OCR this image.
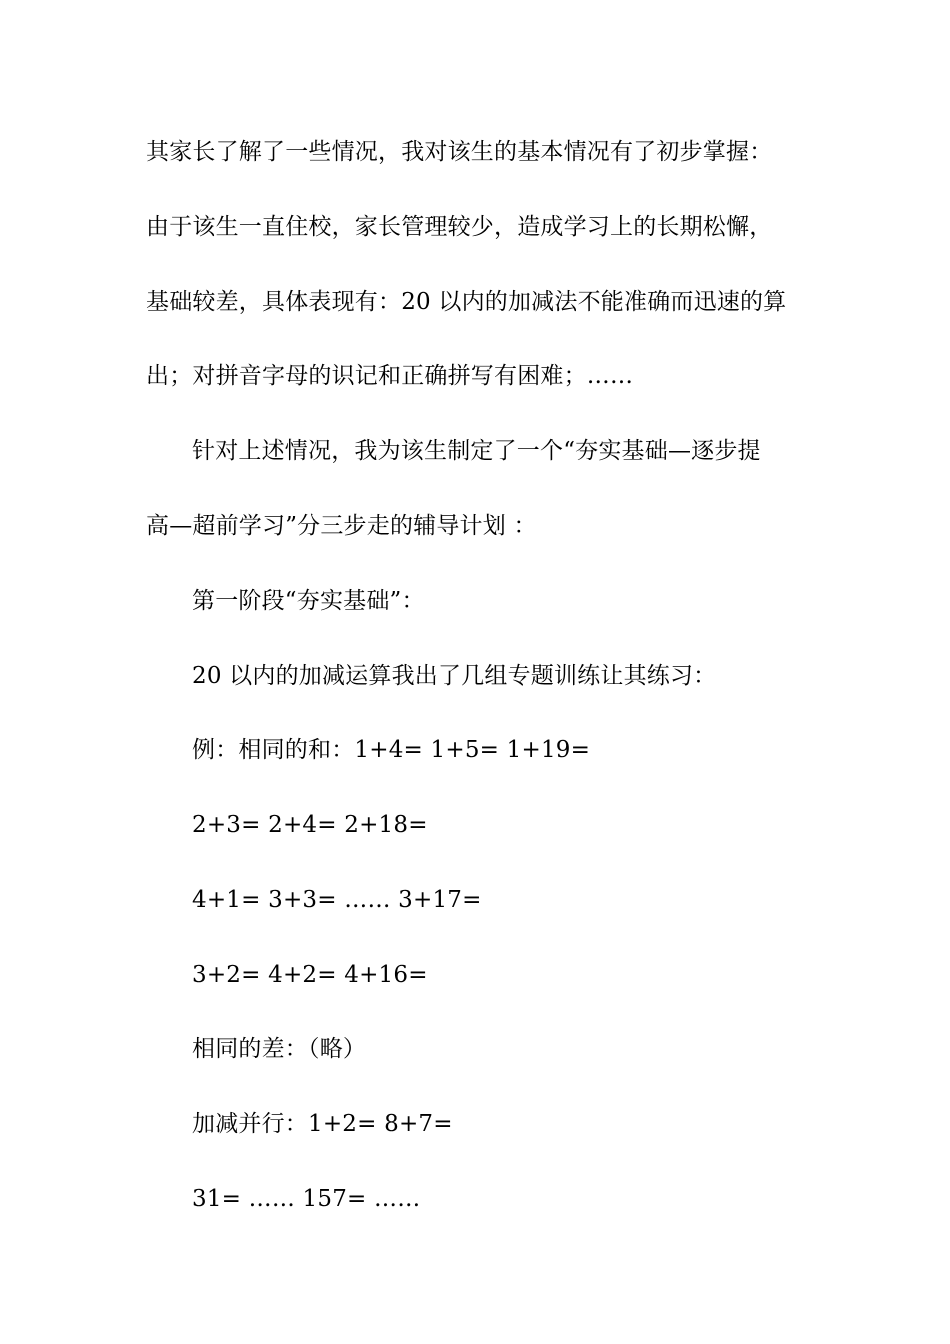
其家长了解了一些情况，我对该生的基本情况有了初步掌握：
由于该生一直住校，家长管理较少，造成学习上的长期松懈，
基础较差，具体表现有：20 以内的加减法不能准确而迅速的算
出；对拼音字母的识记和正确拼写有困难；……
针对上述情况，我为该生制定了一个“夯实基础—逐步提
高—超前学习”分三步走的辅导计划 ：
第一阶段“夯实基础”：
20 以内的加减运算我出了几组专题训练让其练习：
例：相同的和：1+4= 1+5= 1+19=
2+3= 2+4= 2+18=
4+1= 3+3= …… 3+17=
3+2= 4+2= 4+16=
相同的差：（略）
加减并行：1+2= 8+7=
31= …… 157= ……
